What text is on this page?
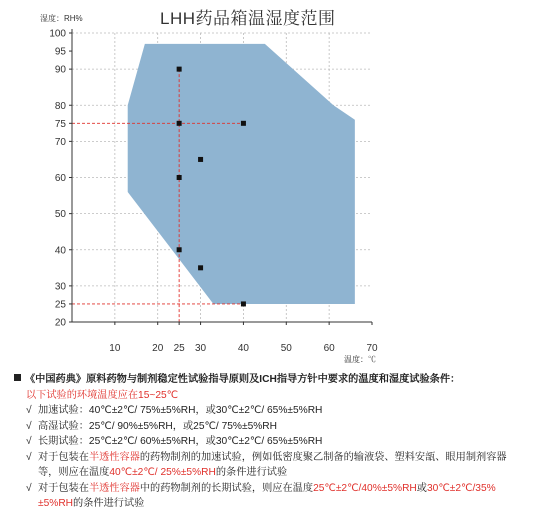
LHH药品箱温湿度范围
湿度：RH%
温度：℃
20
25
30
40
50
60
70
75
80
90
95
100
10	20 25 30	40	50	60	70
《中国药典》原料药物与制剂稳定性试验指导原则及ICH指导方针中要求的温度和湿度试验条件：
以下试验的环境温度应在15~25℃
√ 加速试验：40℃±2℃/ 75%±5%RH，或30℃±2℃/ 65%±5%RH
√ 高湿试验：25℃/ 90%±5%RH，或25℃/ 75%±5%RH
√ 长期试验：25℃±2℃/ 60%±5%RH，或30℃±2℃/ 65%±5%RH
√ 对于包装在半透性容器的药物制剂的加速试验，例如低密度聚乙制备的输液袋、塑料安瓿、眼用制剂容器
等，则应在温度40℃±2℃/ 25%±5%RH的条件进行试验
√ 对于包装在半透性容器中的药物制剂的长期试验，则应在温度25℃±2℃/40%±5%RH或30℃±2℃/35%
±5%RH的条件进行试验
